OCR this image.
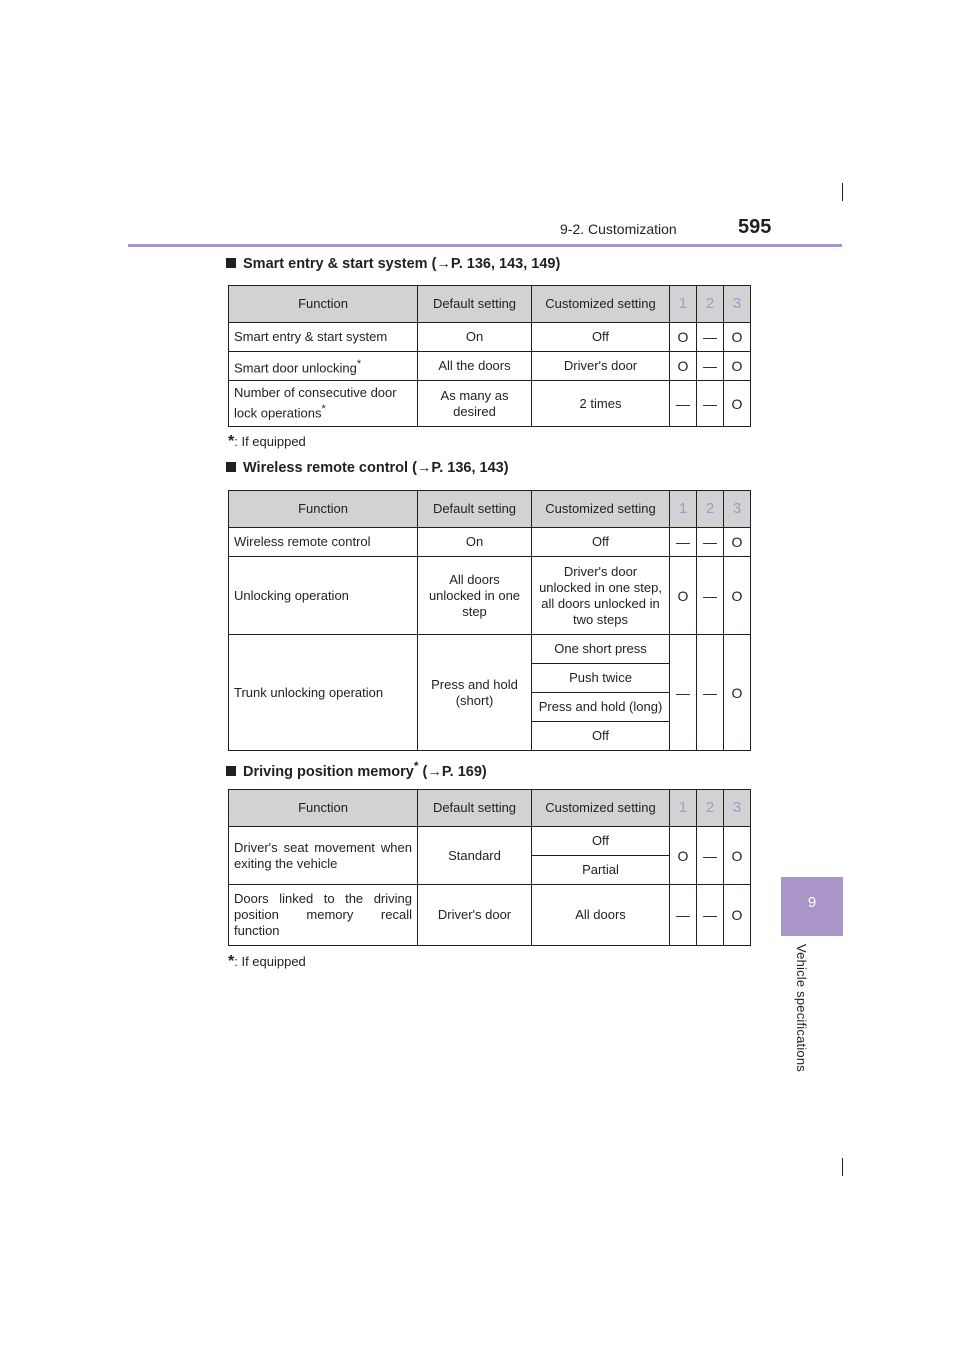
9-2. Customization	595
9
Vehicle specifications
Smart entry & start system (→P. 136, 143, 149)
Function	Default setting	Customized setting	1	2	3
Smart entry & start system	On	Off	O	—	O
Smart door unlocking*	All the doors	Driver's door	O	—	O
Number of consecutive door lock operations*	As many as desired	2 times	—	—	O
*: If equipped
Wireless remote control (→P. 136, 143)
Function	Default setting	Customized setting	1	2	3
Wireless remote control	On	Off	—	—	O
Unlocking operation	All doors unlocked in one step	Driver's door unlocked in one step, all doors unlocked in two steps	O	—	O
Trunk unlocking operation	Press and hold (short)	One short press	—	—	O
		Push twice			
		Press and hold (long)			
		Off			
Driving position memory* (→P. 169)
Function	Default setting	Customized setting	1	2	3
Driver's seat movement when exiting the vehicle	Standard	Off	O	—	O
		Partial			
Doors linked to the driving position memory recall function	Driver's door	All doors	—	—	O
*: If equipped
